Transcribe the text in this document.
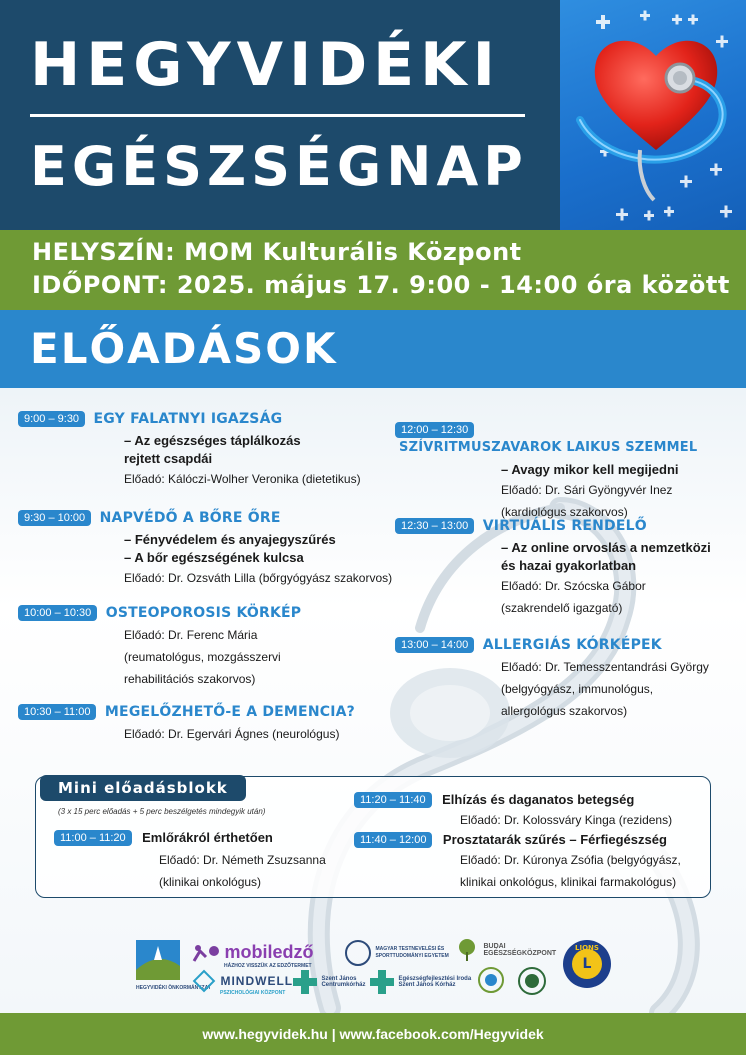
HEGYVIDÉKI
EGÉSZSÉGNAP
HELYSZÍN: MOM Kulturális Központ
IDŐPONT: 2025. május 17. 9:00 - 14:00 óra között
ELŐADÁSOK
9:00 – 9:30 EGY FALATNYI IGAZSÁG
– Az egészséges táplálkozás
rejtett csapdái
Előadó: Kálóczi-Wolher Veronika (dietetikus)
9:30 – 10:00 NAPVÉDŐ A BŐRE ŐRE
– Fényvédelem és anyajegyszűrés
– A bőr egészségének kulcsa
Előadó: Dr. Ozsváth Lilla (bőrgyógyász szakorvos)
10:00 – 10:30 OSTEOPOROSIS KÖRKÉP
Előadó: Dr. Ferenc Mária
(reumatológus, mozgásszervi
rehabilitációs szakorvos)
10:30 – 11:00 MEGELŐZHETŐ-E A DEMENCIA?
Előadó: Dr. Egervári Ágnes (neurológus)
12:00 – 12:30 SZÍVRITMUSZAVAROK LAIKUS SZEMMEL
– Avagy mikor kell megijedni
Előadó: Dr. Sári Gyöngyvér Inez
(kardiológus szakorvos)
12:30 – 13:00 VIRTUÁLIS RENDELŐ
– Az online orvoslás a nemzetközi
és hazai gyakorlatban
Előadó: Dr. Szócska Gábor
(szakrendelő igazgató)
13:00 – 14:00 ALLERGIÁS KÓRKÉPEK
Előadó: Dr. Temesszentandrási György
(belgyógyász, immunológus,
allergológus szakorvos)
Mini előadásblokk
(3 x 15 perc előadás + 5 perc beszélgetés mindegyik után)
11:00 – 11:20 Emlőrákról érthetően
Előadó: Dr. Németh Zsuzsanna
(klinikai onkológus)
11:20 – 11:40 Elhízás és daganatos betegség
Előadó: Dr. Kolossváry Kinga (rezidens)
11:40 – 12:00 Prosztatarák szűrés – Férfiegészség
Előadó: Dr. Kúronya Zsófia (belgyógyász,
klinikai onkológus, klinikai farmakológus)
HEGYVIDÉKI ÖNKORMÁNYZAT
mobiledző
HÁZHOZ VISSZÜK AZ EDZŐTERMET
MAGYAR TESTNEVELÉSI ÉS SPORTTUDOMÁNYI EGYETEM
BUDAI EGÉSZSÉGKÖZPONT
LIONS
L
MINDWELL
PSZICHOLÓGIAI KÖZPONT
Szent János Centrumkórház
Egészségfejlesztési Iroda Szent János Kórház
www.hegyvidek.hu | www.facebook.com/Hegyvidek
